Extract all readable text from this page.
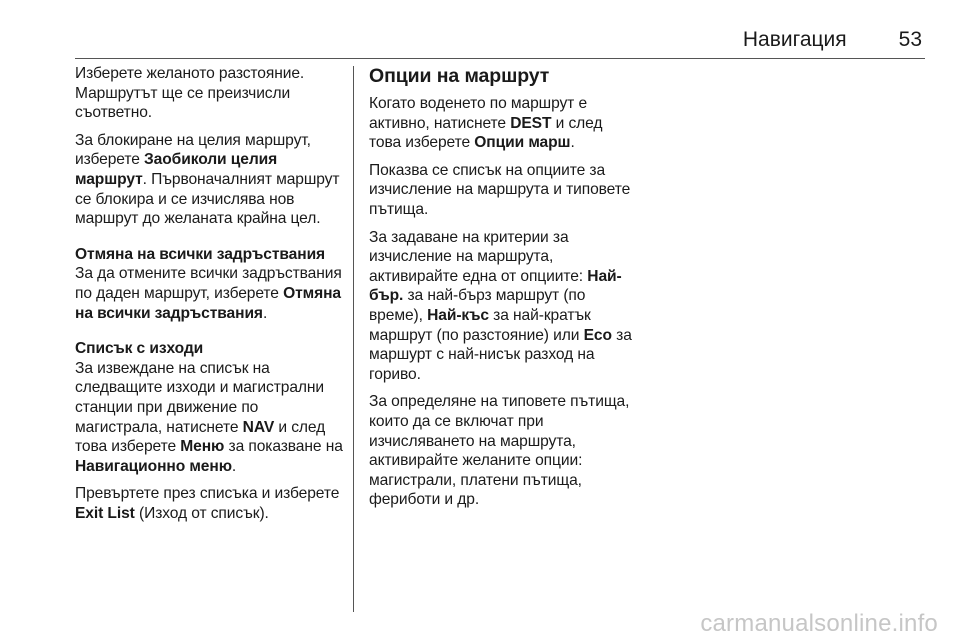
Навигация 53

Изберете желаното разстояние. Маршрутът ще се преизчисли съответно.

За блокиране на целия маршрут, изберете Заобиколи целия маршрут. Първоначалният маршрут се блокира и се изчислява нов маршрут до желаната крайна цел.

Отмяна на всички задръствания

За да отмените всички задръствания по даден маршрут, изберете Отмяна на всички задръствания.

Списък с изходи

За извеждане на списък на следващите изходи и магистрални станции при движение по магистрала, натиснете NAV и след това изберете Меню за показване на Навигационно меню.

Превъртете през списъка и изберете Exit List (Изход от списък).

Опции на маршрут

Когато воденето по маршрут е активно, натиснете DEST и след това изберете Опции марш.

Показва се списък на опциите за изчисление на маршрута и типовете пътища.

За задаване на критерии за изчисление на маршрута, активирайте една от опциите: Най-бър. за най-бърз маршрут (по време), Най-къс за най-кратък маршрут (по разстояние) или Eco за маршурт с най-нисък разход на гориво.

За определяне на типовете пътища, които да се включат при изчисляването на маршрута, активирайте желаните опции: магистрали, платени пътища, фериботи и др.

carmanualsonline.info
